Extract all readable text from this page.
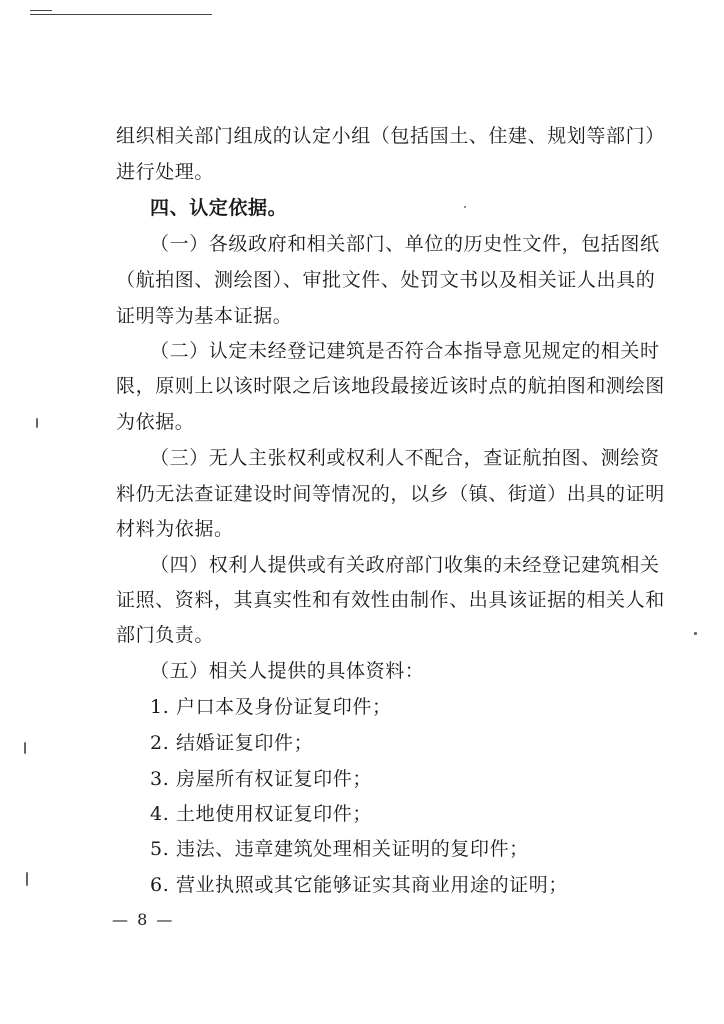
组织相关部门组成的认定小组（包括国土、住建、规划等部门）
进行处理。
四、认定依据。
（一）各级政府和相关部门、单位的历史性文件，包括图纸
（航拍图、测绘图）、审批文件、处罚文书以及相关证人出具的
证明等为基本证据。
（二）认定未经登记建筑是否符合本指导意见规定的相关时
限，原则上以该时限之后该地段最接近该时点的航拍图和测绘图
为依据。
（三）无人主张权利或权利人不配合，查证航拍图、测绘资
料仍无法查证建设时间等情况的，以乡（镇、街道）出具的证明
材料为依据。
（四）权利人提供或有关政府部门收集的未经登记建筑相关
证照、资料，其真实性和有效性由制作、出具该证据的相关人和
部门负责。
（五）相关人提供的具体资料：
1. 户口本及身份证复印件；
2. 结婚证复印件；
3. 房屋所有权证复印件；
4. 土地使用权证复印件；
5. 违法、违章建筑处理相关证明的复印件；
6. 营业执照或其它能够证实其商业用途的证明；
— 8 —
